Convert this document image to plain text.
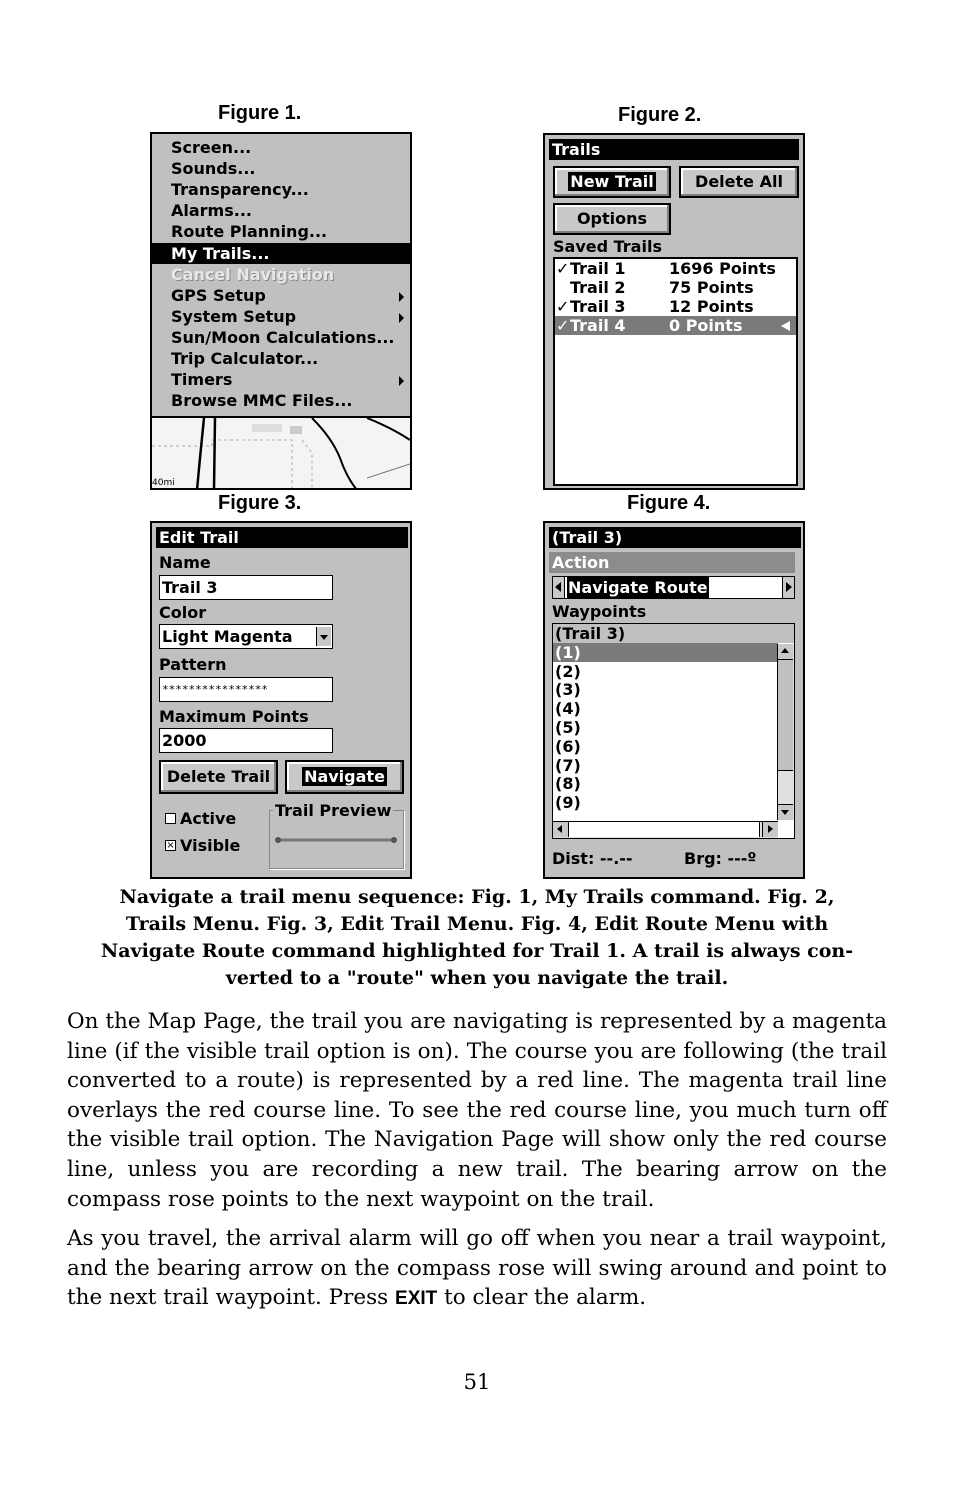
Figure 1.	Figure 2.
Figure 3.	Figure 4.
Screen...
Sounds...
Transparency...
Alarms...
Route Planning...
My Trails...
Cancel Navigation
GPS Setup
System Setup
Sun/Moon Calculations...
Trip Calculator...
Timers
Browse MMC Files...
40mi
Trails
New Trail	Delete All
Options
Saved Trails
✓ Trail 1	1696 Points
Trail 2	75 Points
✓ Trail 3	12 Points
✓ Trail 4	0 Points
Edit Trail
Name
Trail 3
Color
Light Magenta
Pattern
****************
Maximum Points
2000
Delete Trail	Navigate
Active
× Visible
Trail Preview
(Trail 3)
Action
Navigate Route
Waypoints
(Trail 3)
(1)
(2)
(3)
(4)
(5)
(6)
(7)
(8)
(9)
Dist: --.--	Brg: ---º
Navigate a trail menu sequence: Fig. 1, My Trails command. Fig. 2,
Trails Menu. Fig. 3, Edit Trail Menu. Fig. 4, Edit Route Menu with
Navigate Route command highlighted for Trail 1. A trail is always con-
verted to a "route" when you navigate the trail.
On the Map Page, the trail you are navigating is represented by a magenta line (if the visible trail option is on). The course you are following (the trail converted to a route) is represented by a red line. The magenta trail line overlays the red course line. To see the red course line, you much turn off the visible trail option. The Navigation Page will show only the red course line, unless you are recording a new trail. The bearing arrow on the compass rose points to the next waypoint on the trail.
As you travel, the arrival alarm will go off when you near a trail waypoint, and the bearing arrow on the compass rose will swing around and point to the next trail waypoint. Press EXIT to clear the alarm.
51
